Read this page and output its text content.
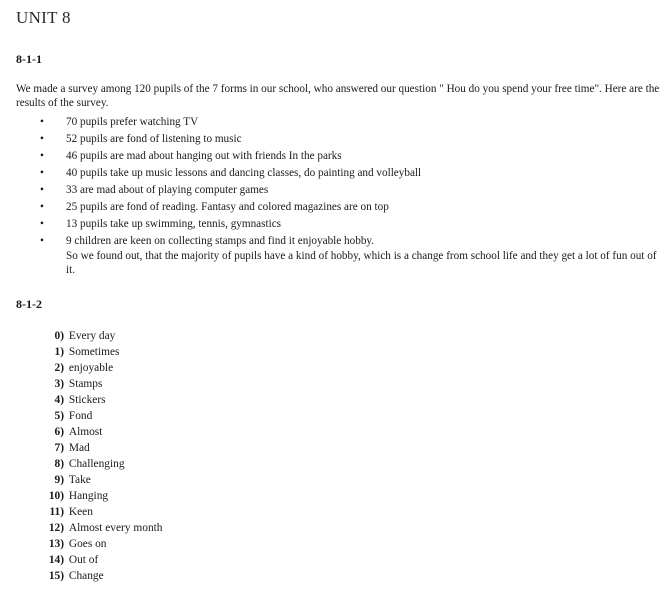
UNIT 8
8-1-1

We made a survey among 120 pupils of the 7 forms in our school, who answered our question " Hou do you spend your free time". Here are the results of the survey.

• 70 pupils prefer watching TV
• 52 pupils are fond of listening to music
• 46 pupils are mad about hanging out with friends In the parks
• 40 pupils take up music lessons and dancing classes, do painting and volleyball
• 33 are mad about of playing computer games
• 25 pupils are fond of reading. Fantasy and colored magazines are on top
• 13 pupils take up swimming, tennis, gymnastics
• 9 children are keen on collecting stamps and find it enjoyable hobby.

So we found out, that the majority of pupils have a kind of hobby, which is a change from school life and they get a lot of fun out of it.

8-1-2
0) Every day
1) Sometimes
2) enjoyable
3) Stamps
4) Stickers
5) Fond
6) Almost
7) Mad
8) Challenging
9) Take
10) Hanging
11) Keen
12) Almost every month
13) Goes on
14) Out of
15) Change
